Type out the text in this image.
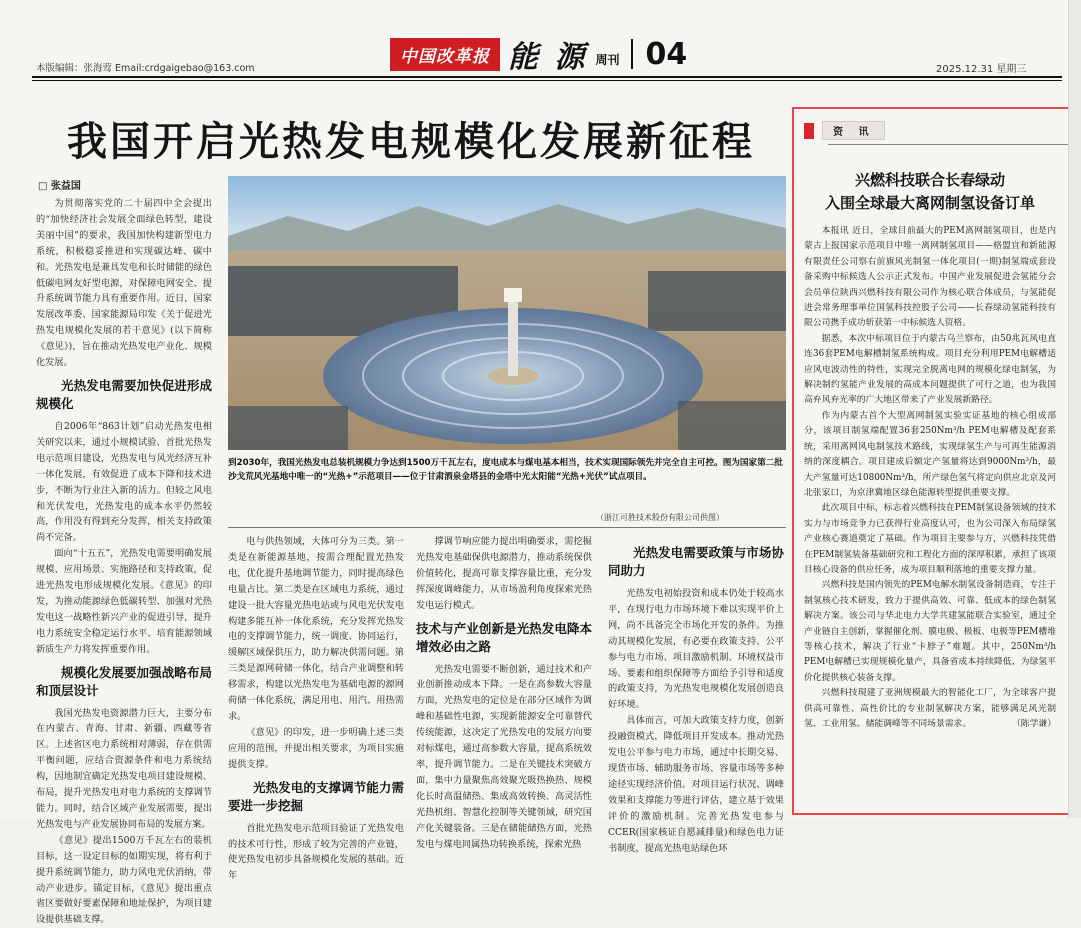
本版编辑：张海莺 Email:crdgaigebao@163.com
中国改革报 能 源 周刊 04	2025.12.31 星期三
我国开启光热发电规模化发展新征程
□ 张益国

为贯彻落实党的二十届四中全会提出的“加快经济社会发展全面绿色转型，建设美丽中国”的要求，我国加快构建新型电力系统，积极稳妥推进和实现碳达峰、碳中和。光热发电是兼具发电和长时储能的绿色低碳电网友好型电源，对保障电网安全、提升系统调节能力具有重要作用。近日，国家发展改革委、国家能源局印发《关于促进光热发电规模化发展的若干意见》(以下简称《意见》)，旨在推动光热发电产业化、规模化发展。

光热发电需要加快促进形成规模化

自2006年“863计划”启动光热发电相关研究以来，通过小规模试验、首批光热发电示范项目建设，光热发电与风光经济互补一体化发展，有效促进了成本下降和技术进步，不断为行业注入新的活力。但较之风电和光伏发电，光热发电的成本水平仍然较高，作用没有得到充分发挥，相关支持政策尚不完备。

面向“十五五”，光热发电需要明确发展规模、应用场景、实施路径和支持政策，促进光热发电形成规模化发展。《意见》的印发，为推动能源绿色低碳转型、加强对光热发电这一战略性新兴产业的促进引导，提升电力系统安全稳定运行水平、培育能源领域新质生产力将发挥重要作用。

规模化发展要加强战略布局和顶层设计

我国光热发电资源潜力巨大，主要分布在内蒙古、青海、甘肃、新疆、西藏等省区。上述省区电力系统相对薄弱，存在供需平衡问题，应结合资源条件和电力系统结构，因地制宜确定光热发电项目建设规模、布局，提升光热发电对电力系统的支撑调节能力。同时，结合区域产业发展需要，提出光热发电与产业发展协同布局的发展方案。

《意见》提出1500万千瓦左右的装机目标，这一设定目标的如期实现，将有利于提升系统调节能力，助力风电光伏消纳，带动产业进步。锚定目标，《意见》提出重点省区要做好要素保障和地址保护，为项目建设提供基础支撑。

到2030年，我国光热发电总装机规模力争达到1500万千瓦左右，度电成本与煤电基本相当，技术实现国际领先并完全自主可控。图为国家第二批沙戈荒风光基地中唯一的“光热+”示范项目——位于甘肃酒泉金塔县的金塔中光太阳能“光热+光伏”试点项目。
（浙江可胜技术股份有限公司供图）

电与供热领域，大体可分为三类。第一类是在新能源基地，按需合理配置光热发电，优化提升基地调节能力，同时提高绿色电量占比。第二类是在区域电力系统，通过建设一批大容量光热电站或与风电光伏发电构建多能互补一体化系统，充分发挥光热发电的支撑调节能力，统一调度、协同运行，缓解区域保供压力，助力解决供需问题。第三类是源网荷储一体化，结合产业调整和转移需求，构建以光热发电为基础电源的源网荷储一体化系统，满足用电、用汽、用热需求。

《意见》的印发，进一步明确上述三类应用的范围，并提出相关要求，为项目实施提供支撑。

光热发电的支撑调节能力需要进一步挖掘

首批光热发电示范项目验证了光热发电的技术可行性，形成了较为完善的产业链，使光热发电初步具备规模化发展的基础。近年

撑调节响应能力提出明确要求，需挖掘光热发电基础保供电源潜力，推动系统保供价值转化，提高可靠支撑容量比重，充分发挥深度调峰能力，从市场盈利角度探索光热发电运行模式。

技术与产业创新是光热发电降本增效必由之路

光热发电需要不断创新，通过技术和产业创新推动成本下降。一是在高参数大容量方面，光热发电的定位是在部分区域作为调峰和基础性电源，实现新能源安全可靠替代传统能源，这决定了光热发电的发展方向要对标煤电，通过高参数大容量，提高系统效率，提升调节能力。二是在关键技术突破方面，集中力量聚焦高效聚光吸热换热、规模化长时高温储热、集成高效转换、高灵活性光热机组、智慧化控制等关键领域，研究国产化关键装备。三是在储能储热方面，光热发电与煤电同属热功转换系统，探索光热

光热发电需要政策与市场协同助力

光热发电初始投资和成本仍处于较高水平，在现行电力市场环境下难以实现平价上网，尚不具备完全市场化开发的条件。为推动其规模化发展，有必要在政策支持、公平参与电力市场、项目激励机制、环境权益市场、要素和组织保障等方面给予引导和适度的政策支持，为光热发电规模化发展创造良好环境。

具体而言，可加大政策支持力度，创新投融资模式，降低项目开发成本。推动光热发电公平参与电力市场，通过中长期交易、现货市场、辅助服务市场、容量市场等多种途径实现经济价值。对项目运行状况、调峰效果和支撑能力等进行评估，建立基于效果评价的激励机制。完善光热发电参与CCER(国家核证自愿减排量)和绿色电力证书制度，提高光热电站绿色环

资 讯
兴燃科技联合长春绿动
入围全球最大离网制氢设备订单

本报讯 近日，全球目前最大的PEM离网制氢项目，也是内蒙古上报国家示范项目中唯一离网制氢项目——格盟宜和新能源有限责任公司察右前旗风光制氢一体化项目(一期)制氢端成套设备采购中标候选人公示正式发布。中国产业发展促进会氢能分会会员单位陕西兴燃科技有限公司作为核心联合体成员，与氢能促进会常务理事单位国氢科技控股子公司——长春绿动氢能科技有限公司携手成功斩获第一中标候选人资格。

据悉，本次中标项目位于内蒙古乌兰察布，由50兆瓦风电直连36套PEM电解槽制氢系统构成。项目充分利用PEM电解槽适应风电波动性的特性，实现完全脱离电网的规模化绿电制氢，为解决制约氢能产业发展的高成本问题提供了可行之道，也为我国高弃风弃光率的广大地区带来了产业发展新路径。

作为内蒙古首个大型离网制氢实验实证基地的核心组成部分，该项目制氢端配置36套250Nm³/h PEM电解槽及配套系统，采用离网风电制氢技术路线，实现绿氢生产与可再生能源消纳的深度耦合。项目建成后额定产氢量将达到9000Nm³/h，最大产氢量可达10800Nm³/h，所产绿色氢气将定向供应北京及河北张家口，为京津冀地区绿色能源转型提供重要支撑。

此次项目中标，标志着兴燃科技在PEM制氢设备领域的技术实力与市场竞争力已获得行业高度认可，也为公司深入布局绿氢产业核心赛道奠定了基础。作为项目主要参与方，兴燃科技凭借在PEM制氢装备基础研究和工程化方面的深厚积累，承担了该项目核心设备的供应任务，成为项目顺利落地的重要支撑力量。

兴燃科技是国内领先的PEM电解水制氢设备制造商，专注于制氢核心技术研发，致力于提供高效、可靠、低成本的绿色制氢解决方案。该公司与华北电力大学共建氢能联合实验室，通过全产业链自主创新，掌握催化剂、膜电极、极板、电极等PEM槽堆等核心技术，解决了行业“卡脖子”难题。其中，250Nm³/h PEM电解槽已实现规模化量产，具备省成本持续降低、为绿氢平价化提供核心装备支撑。

兴燃科技現建了亚洲规模最大的智能化工厂，为全球客户提供高可靠性、高性价比的专业制氢解决方案，能够满足风光制氢、工业用氢、储能调峰等不同场景需求。	（陈学谦）
